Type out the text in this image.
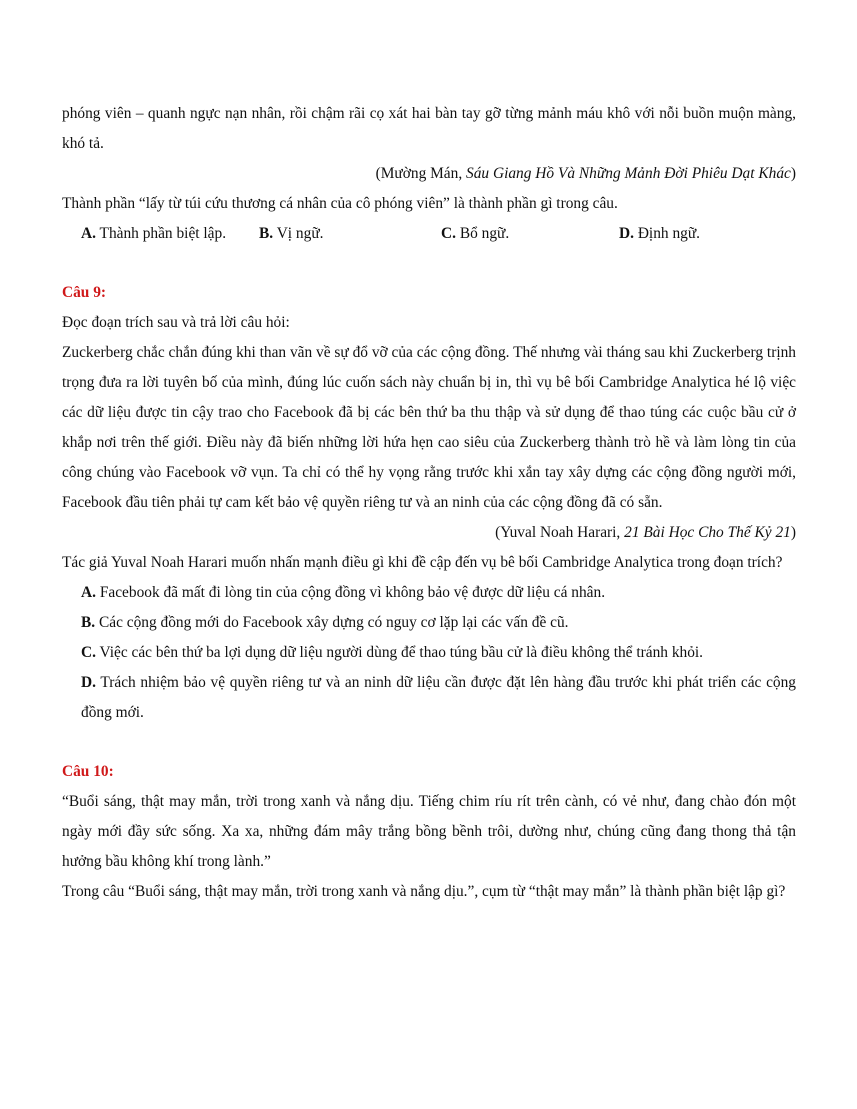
phóng viên – quanh ngực nạn nhân, rồi chậm rãi cọ xát hai bàn tay gỡ từng mảnh máu khô với nỗi buồn muộn màng, khó tả.

(Mường Mán, Sáu Giang Hồ Và Những Mảnh Đời Phiêu Dạt Khác)

Thành phần “lấy từ túi cứu thương cá nhân của cô phóng viên” là thành phần gì trong câu.

A. Thành phần biệt lập.	B. Vị ngữ.	C. Bổ ngữ.	D. Định ngữ.

Câu 9:

Đọc đoạn trích sau và trả lời câu hỏi:

Zuckerberg chắc chắn đúng khi than vãn về sự đổ vỡ của các cộng đồng. Thế nhưng vài tháng sau khi Zuckerberg trịnh trọng đưa ra lời tuyên bố của mình, đúng lúc cuốn sách này chuẩn bị in, thì vụ bê bối Cambridge Analytica hé lộ việc các dữ liệu được tin cậy trao cho Facebook đã bị các bên thứ ba thu thập và sử dụng để thao túng các cuộc bầu cử ở khắp nơi trên thế giới. Điều này đã biến những lời hứa hẹn cao siêu của Zuckerberg thành trò hề và làm lòng tin của công chúng vào Facebook vỡ vụn. Ta chỉ có thể hy vọng rằng trước khi xắn tay xây dựng các cộng đồng người mới, Facebook đầu tiên phải tự cam kết bảo vệ quyền riêng tư và an ninh của các cộng đồng đã có sẵn.

(Yuval Noah Harari, 21 Bài Học Cho Thế Kỷ 21)

Tác giả Yuval Noah Harari muốn nhấn mạnh điều gì khi đề cập đến vụ bê bối Cambridge Analytica trong đoạn trích?

A. Facebook đã mất đi lòng tin của cộng đồng vì không bảo vệ được dữ liệu cá nhân.

B. Các cộng đồng mới do Facebook xây dựng có nguy cơ lặp lại các vấn đề cũ.

C. Việc các bên thứ ba lợi dụng dữ liệu người dùng để thao túng bầu cử là điều không thể tránh khỏi.

D. Trách nhiệm bảo vệ quyền riêng tư và an ninh dữ liệu cần được đặt lên hàng đầu trước khi phát triển các cộng đồng mới.

Câu 10:

“Buổi sáng, thật may mắn, trời trong xanh và nắng dịu. Tiếng chim ríu rít trên cành, có vẻ như, đang chào đón một ngày mới đầy sức sống. Xa xa, những đám mây trắng bồng bềnh trôi, dường như, chúng cũng đang thong thả tận hưởng bầu không khí trong lành.”

Trong câu “Buổi sáng, thật may mắn, trời trong xanh và nắng dịu.”, cụm từ “thật may mắn” là thành phần biệt lập gì?
